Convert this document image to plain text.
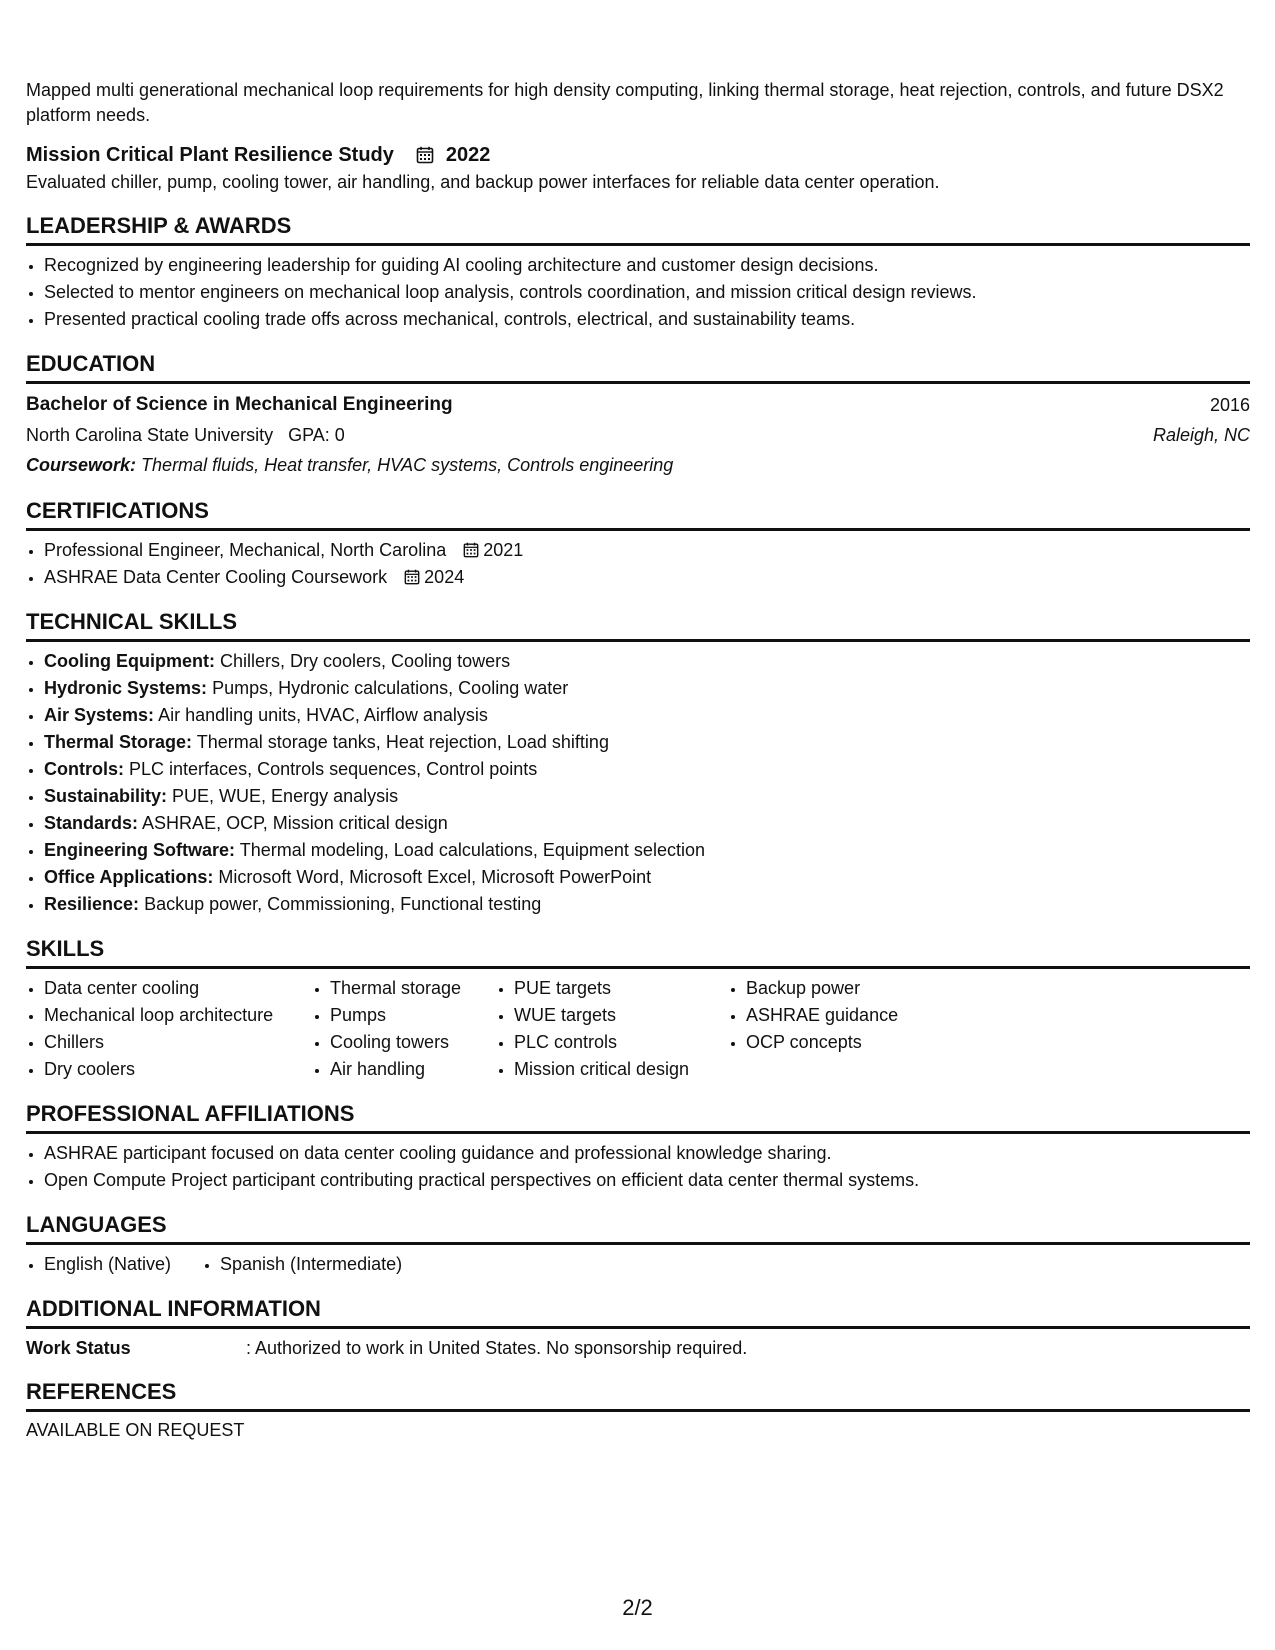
Mapped multi generational mechanical loop requirements for high density computing, linking thermal storage, heat rejection, controls, and future DSX2 platform needs.

Mission Critical Plant Resilience Study	2022

Evaluated chiller, pump, cooling tower, air handling, and backup power interfaces for reliable data center operation.

LEADERSHIP & AWARDS
• Recognized by engineering leadership for guiding AI cooling architecture and customer design decisions.
• Selected to mentor engineers on mechanical loop analysis, controls coordination, and mission critical design reviews.
• Presented practical cooling trade offs across mechanical, controls, electrical, and sustainability teams.
EDUCATION
Bachelor of Science in Mechanical Engineering	2016
North Carolina State University GPA: 0	Raleigh, NC
Coursework: Thermal fluids, Heat transfer, HVAC systems, Controls engineering
CERTIFICATIONS
• Professional Engineer, Mechanical, North Carolina 2021
• ASHRAE Data Center Cooling Coursework 2024
TECHNICAL SKILLS
• Cooling Equipment: Chillers, Dry coolers, Cooling towers
• Hydronic Systems: Pumps, Hydronic calculations, Cooling water
• Air Systems: Air handling units, HVAC, Airflow analysis
• Thermal Storage: Thermal storage tanks, Heat rejection, Load shifting
• Controls: PLC interfaces, Controls sequences, Control points
• Sustainability: PUE, WUE, Energy analysis
• Standards: ASHRAE, OCP, Mission critical design
• Engineering Software: Thermal modeling, Load calculations, Equipment selection
• Office Applications: Microsoft Word, Microsoft Excel, Microsoft PowerPoint
• Resilience: Backup power, Commissioning, Functional testing
SKILLS
• Data center cooling
• Mechanical loop architecture
• Chillers
• Dry coolers
• Thermal storage
• Pumps
• Cooling towers
• Air handling
• PUE targets
• WUE targets
• PLC controls
• Mission critical design
• Backup power
• ASHRAE guidance
• OCP concepts
PROFESSIONAL AFFILIATIONS
• ASHRAE participant focused on data center cooling guidance and professional knowledge sharing.
• Open Compute Project participant contributing practical perspectives on efficient data center thermal systems.
LANGUAGES
• English (Native)
•	Spanish (Intermediate)
ADDITIONAL INFORMATION
Work Status	: Authorized to work in United States. No sponsorship required.
REFERENCES

AVAILABLE ON REQUEST

2/2
